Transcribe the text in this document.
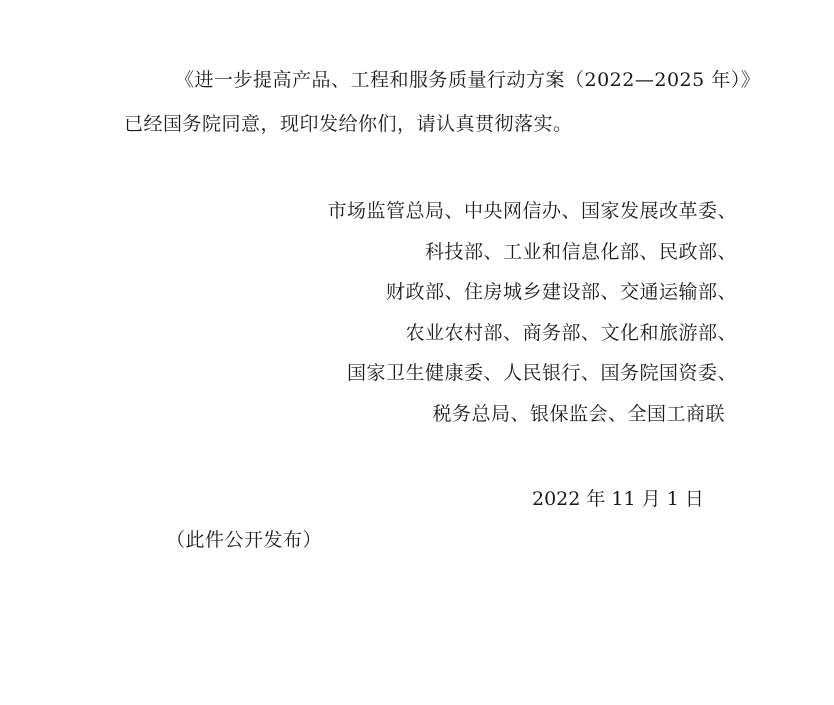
《进一步提高产品、工程和服务质量行动方案（2022—2025 年）》
已经国务院同意，现印发给你们，请认真贯彻落实。
市场监管总局、中央网信办、国家发展改革委、
科技部、工业和信息化部、民政部、
财政部、住房城乡建设部、交通运输部、
农业农村部、商务部、文化和旅游部、
国家卫生健康委、人民银行、国务院国资委、
税务总局、银保监会、全国工商联
2022 年 11 月 1 日
（此件公开发布）
